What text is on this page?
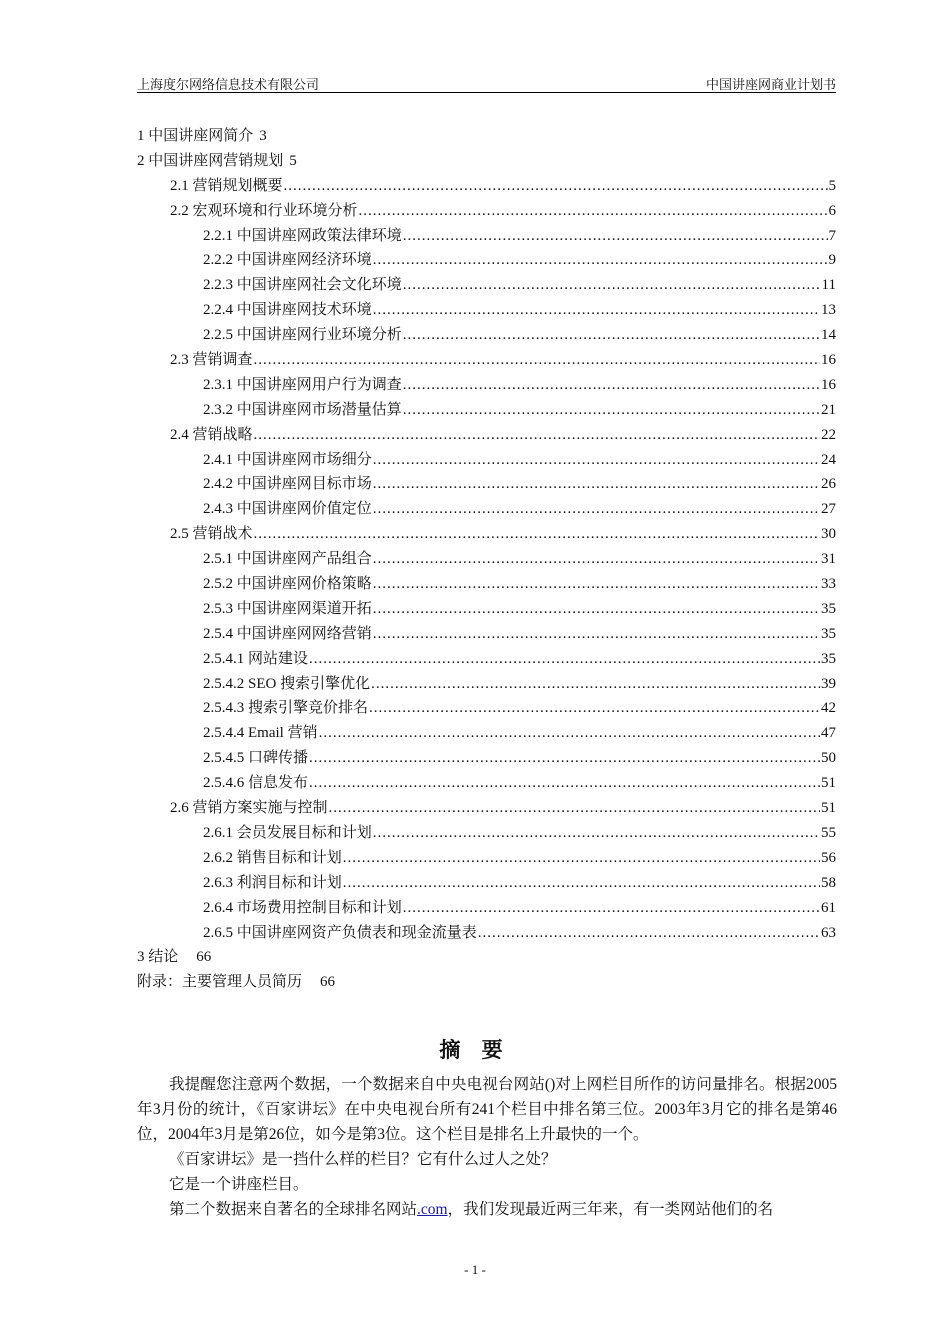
上海度尔网络信息技术有限公司	中国讲座网商业计划书
1 中国讲座网简介 3
2 中国讲座网营销规划 5
2.1 营销规划概要 .....	5
2.2 宏观环境和行业环境分析 .....	6
2.2.1 中国讲座网政策法律环境 .....	7
2.2.2 中国讲座网经济环境 .....	9
2.2.3 中国讲座网社会文化环境 .....	11
2.2.4 中国讲座网技术环境 .....	13
2.2.5 中国讲座网行业环境分析 .....	14
2.3 营销调查 .....	16
2.3.1 中国讲座网用户行为调查 .....	16
2.3.2 中国讲座网市场潜量估算 .....	21
2.4 营销战略 .....	22
2.4.1 中国讲座网市场细分 .....	24
2.4.2 中国讲座网目标市场 .....	26
2.4.3 中国讲座网价值定位 .....	27
2.5 营销战术 .....	30
2.5.1 中国讲座网产品组合 .....	31
2.5.2 中国讲座网价格策略 .....	33
2.5.3 中国讲座网渠道开拓 .....	35
2.5.4 中国讲座网网络营销 .....	35
2.5.4.1 网站建设 .....	35
2.5.4.2 SEO 搜索引擎优化 .....	39
2.5.4.3 搜索引擎竞价排名 .....	42
2.5.4.4 Email 营销 .....	47
2.5.4.5 口碑传播 .....	50
2.5.4.6 信息发布 .....	51
2.6 营销方案实施与控制 .....	51
2.6.1 会员发展目标和计划 .....	55
2.6.2 销售目标和计划 .....	56
2.6.3 利润目标和计划 .....	58
2.6.4 市场费用控制目标和计划 .....	61
2.6.5 中国讲座网资产负债表和现金流量表 .....	63
3 结论 66
附录：主要管理人员简历 66
摘 要

我提醒您注意两个数据，一个数据来自中央电视台网站()对上网栏目所作的访问量排名。根据2005年3月份的统计，《百家讲坛》在中央电视台所有241个栏目中排名第三位。2003年3月它的排名是第46位，2004年3月是第26位，如今是第3位。这个栏目是排名上升最快的一个。

《百家讲坛》是一挡什么样的栏目？它有什么过人之处？

它是一个讲座栏目。

第二个数据来自著名的全球排名网站.com，我们发现最近两三年来，有一类网站他们的名

- 1 -
